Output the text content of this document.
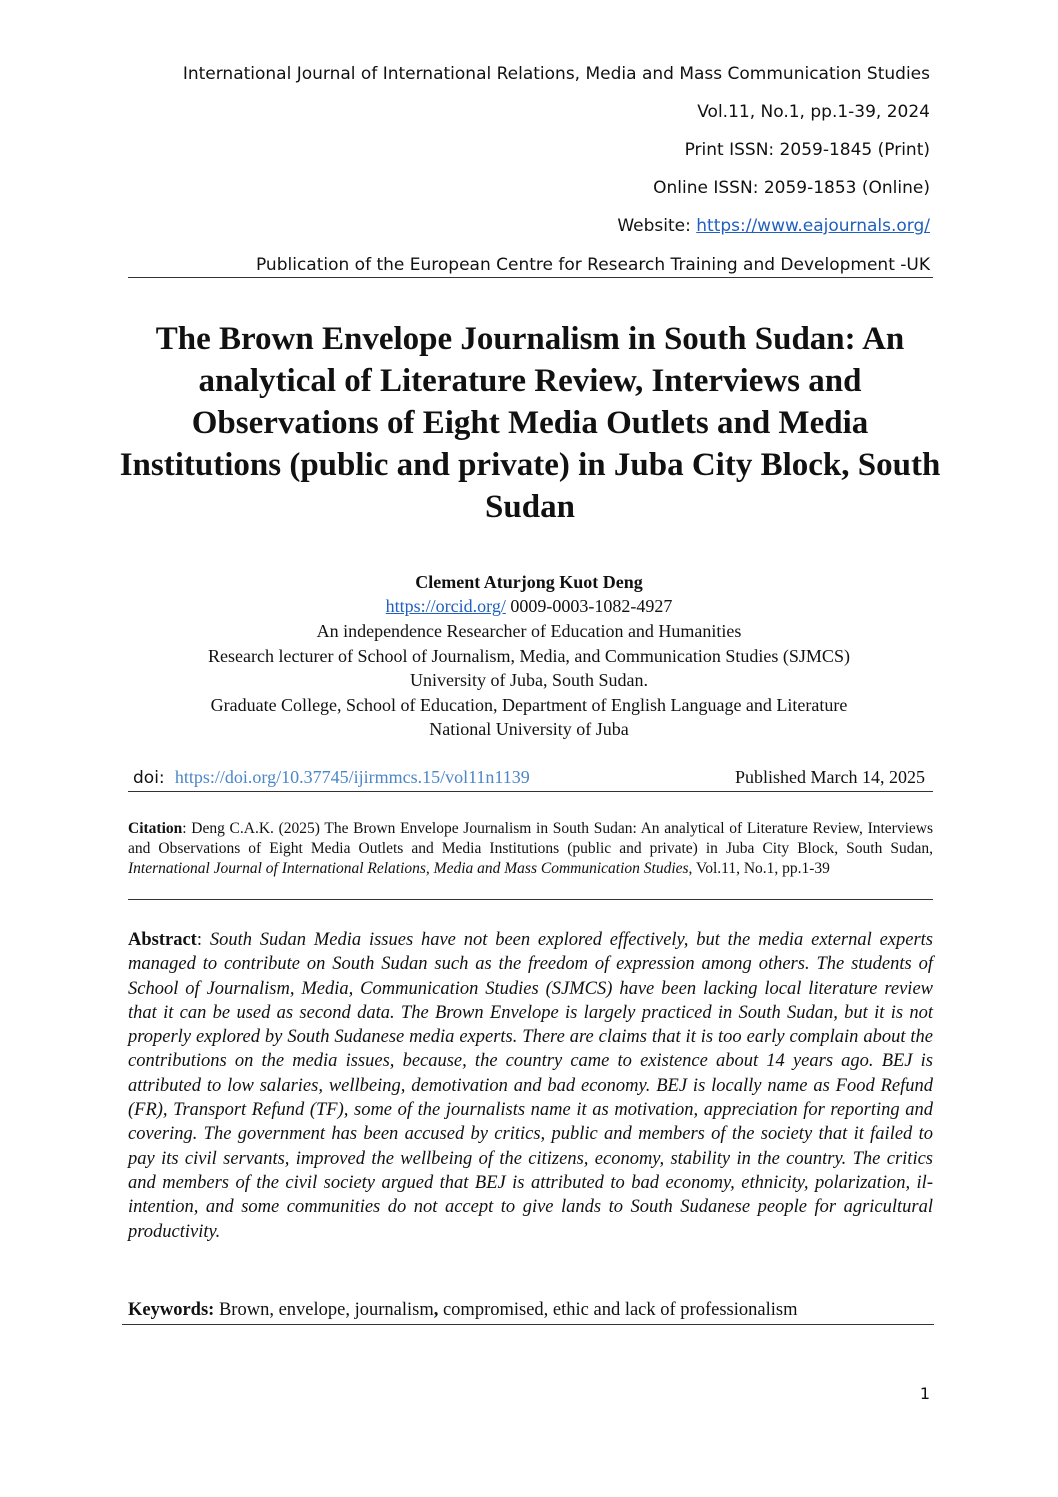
International Journal of International Relations, Media and Mass Communication Studies
Vol.11, No.1, pp.1-39, 2024
Print ISSN: 2059-1845 (Print)
Online ISSN: 2059-1853 (Online)
Website: https://www.eajournals.org/
Publication of the European Centre for Research Training and Development -UK
The Brown Envelope Journalism in South Sudan: An analytical of Literature Review, Interviews and Observations of Eight Media Outlets and Media Institutions (public and private) in Juba City Block, South Sudan
Clement Aturjong Kuot Deng
https://orcid.org/ 0009-0003-1082-4927
An independence Researcher of Education and Humanities
Research lecturer of School of Journalism, Media, and Communication Studies (SJMCS)
University of Juba, South Sudan.
Graduate College, School of Education, Department of English Language and Literature
National University of Juba
doi: https://doi.org/10.37745/ijirmmcs.15/vol11n1139	Published March 14, 2025
Citation: Deng C.A.K. (2025) The Brown Envelope Journalism in South Sudan: An analytical of Literature Review, Interviews and Observations of Eight Media Outlets and Media Institutions (public and private) in Juba City Block, South Sudan, International Journal of International Relations, Media and Mass Communication Studies, Vol.11, No.1, pp.1-39
Abstract: South Sudan Media issues have not been explored effectively, but the media external experts managed to contribute on South Sudan such as the freedom of expression among others. The students of School of Journalism, Media, Communication Studies (SJMCS) have been lacking local literature review that it can be used as second data. The Brown Envelope is largely practiced in South Sudan, but it is not properly explored by South Sudanese media experts. There are claims that it is too early complain about the contributions on the media issues, because, the country came to existence about 14 years ago. BEJ is attributed to low salaries, wellbeing, demotivation and bad economy. BEJ is locally name as Food Refund (FR), Transport Refund (TF), some of the journalists name it as motivation, appreciation for reporting and covering. The government has been accused by critics, public and members of the society that it failed to pay its civil servants, improved the wellbeing of the citizens, economy, stability in the country. The critics and members of the civil society argued that BEJ is attributed to bad economy, ethnicity, polarization, il-intention, and some communities do not accept to give lands to South Sudanese people for agricultural productivity.
Keywords: Brown, envelope, journalism, compromised, ethic and lack of professionalism
1
